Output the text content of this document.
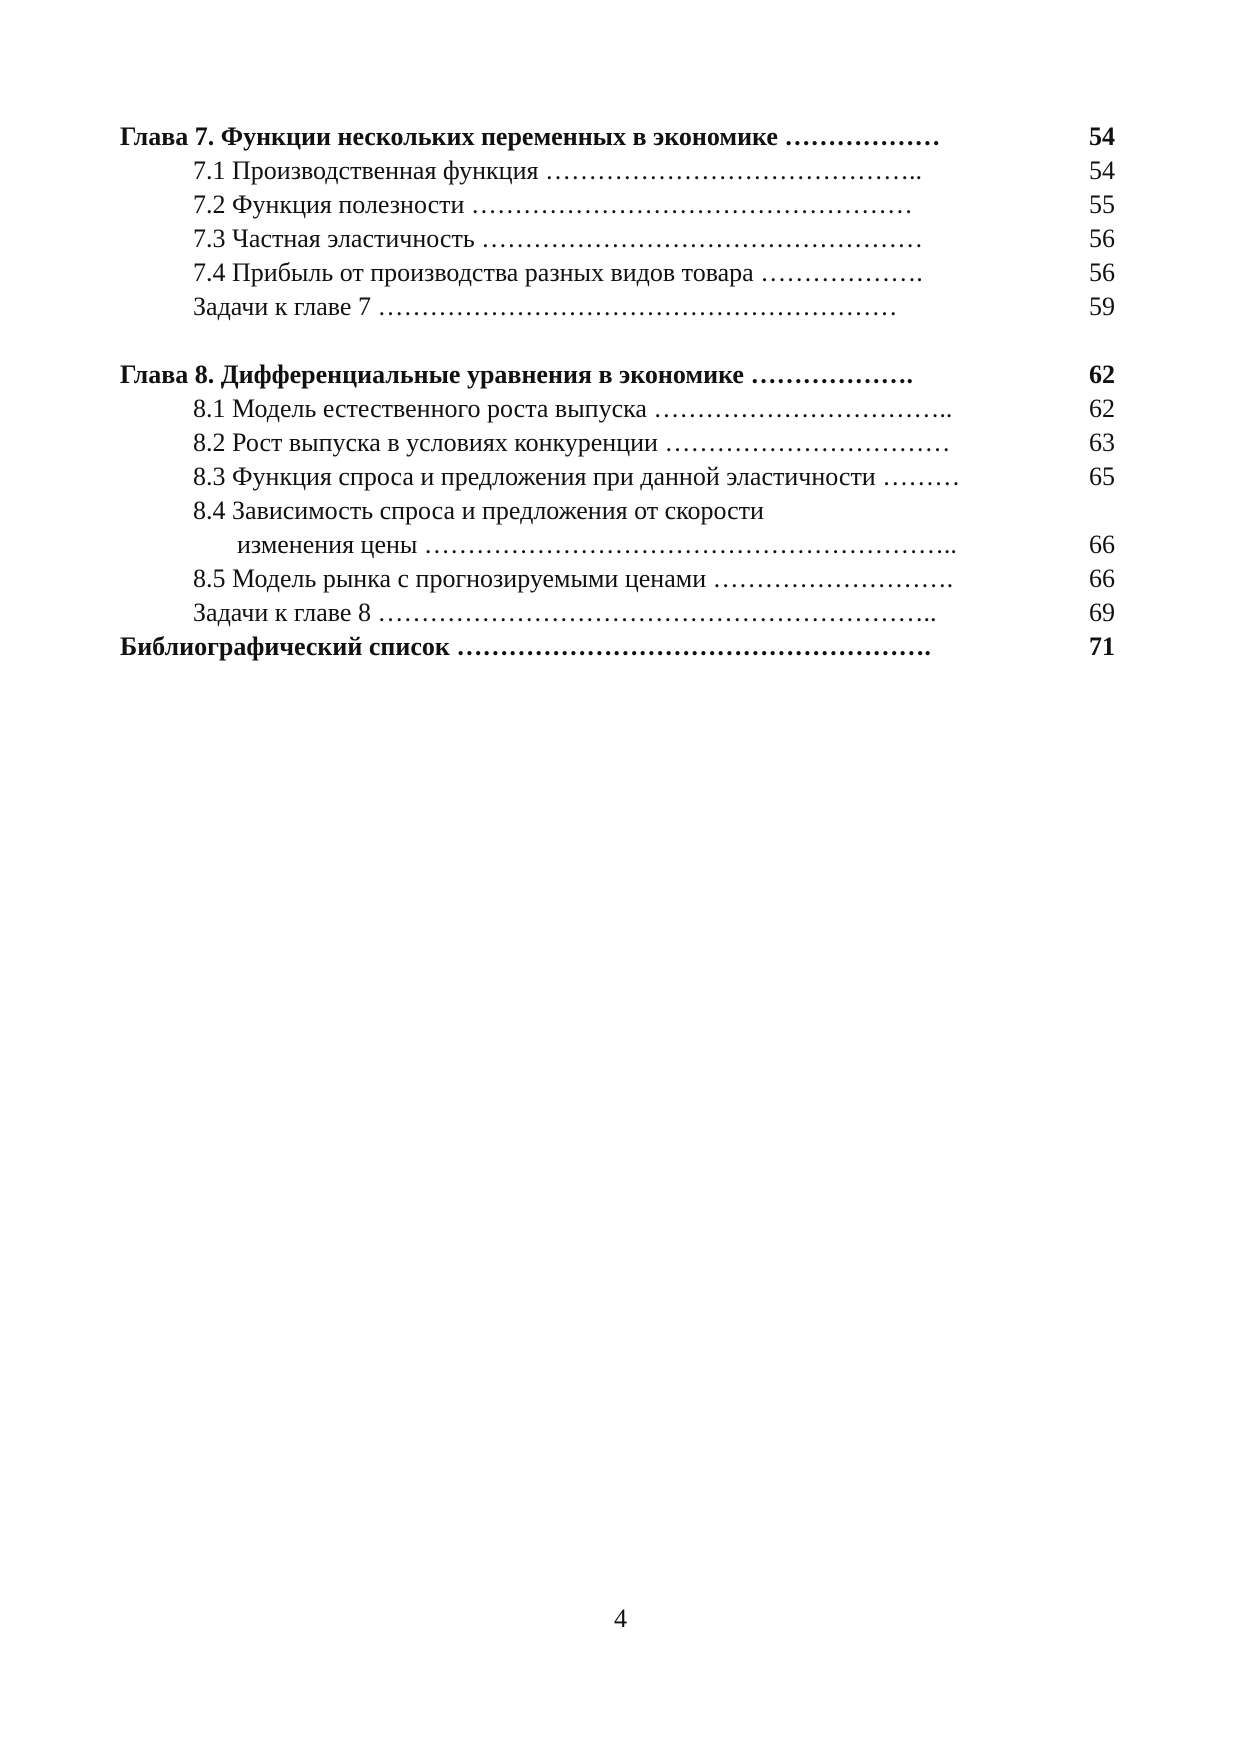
Глава 7. Функции нескольких переменных в экономике ………………	54
7.1 Производственная функция ……………………………………..	54
7.2 Функция полезности ……………………………………………	55
7.3 Частная эластичность ……………………………………………	56
7.4 Прибыль от производства разных видов товара ……………….	56
Задачи к главе 7 ……………………………………………………	59
Глава 8. Дифференциальные уравнения в экономике ……………….	62
8.1 Модель естественного роста выпуска ……………………………..	62
8.2 Рост выпуска в условиях конкуренции ……………………………	63
8.3 Функция спроса и предложения при данной эластичности ………	65
8.4 Зависимость спроса и предложения от скорости
изменения цены ……………………………………………………..	66
8.5 Модель рынка с прогнозируемыми ценами ……………………….	66
Задачи к главе 8 ………………………………………………………..	69
Библиографический список ……………………………………………….	71
4
